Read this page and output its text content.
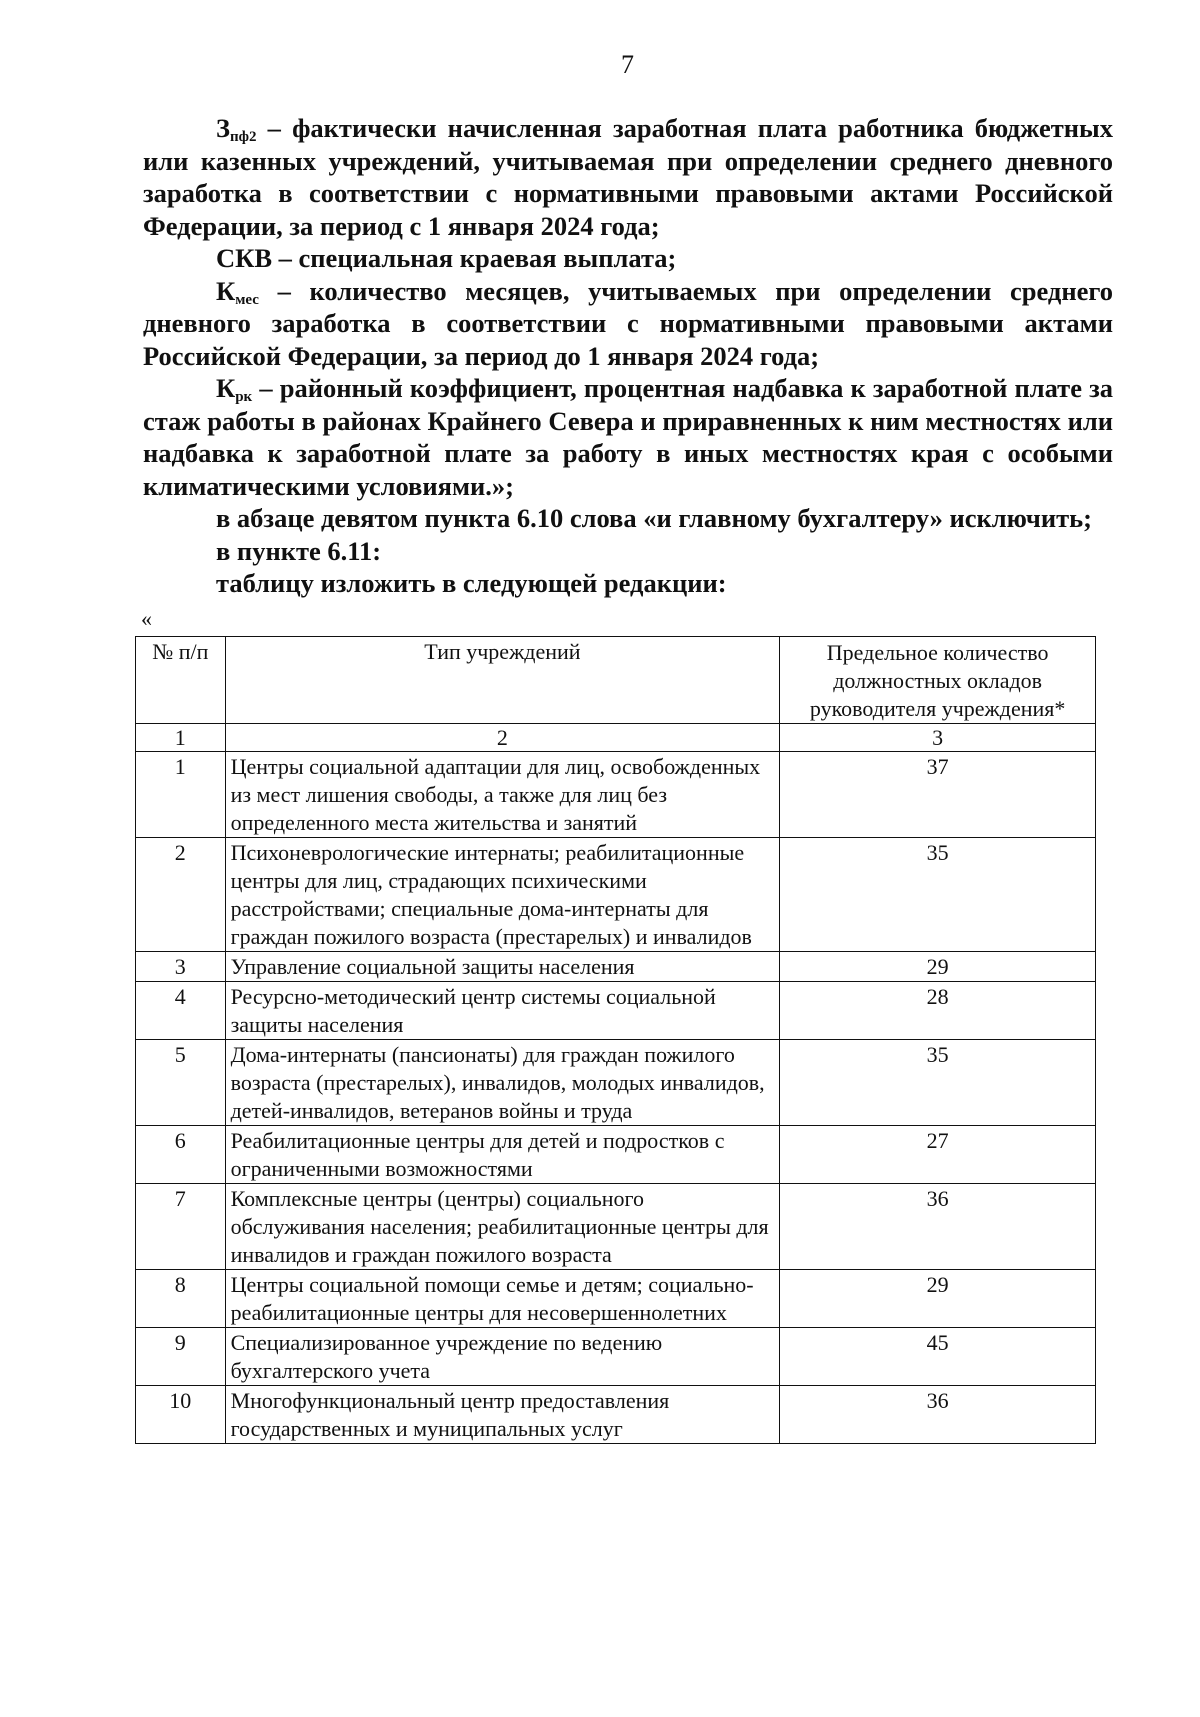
7

$З_{пф2}$ – фактически начисленная заработная плата работника бюджетных или казенных учреждений, учитываемая при определении среднего дневного заработка в соответствии с нормативными правовыми актами Российской Федерации, за период с 1 января 2024 года;

СКВ – специальная краевая выплата;

$К_{мес}$ – количество месяцев, учитываемых при определении среднего дневного заработка в соответствии с нормативными правовыми актами Российской Федерации, за период до 1 января 2024 года;

$К_{рк}$ – районный коэффициент, процентная надбавка к заработной плате за стаж работы в районах Крайнего Севера и приравненных к ним местностях или надбавка к заработной плате за работу в иных местностях края с особыми климатическими условиями.»;

в абзаце девятом пункта 6.10 слова «и главному бухгалтеру» исключить;

в пункте 6.11:

таблицу изложить в следующей редакции:

«
№ п/п	Тип учреждений	Предельное количество должностных окладов руководителя учреждения*
1	2	3
1	Центры социальной адаптации для лиц, освобожденных из мест лишения свободы, а также для лиц без определенного места жительства и занятий	37
2	Психоневрологические интернаты; реабилитационные центры для лиц, страдающих психическими расстройствами; специальные дома-интернаты для граждан пожилого возраста (престарелых) и инвалидов	35
3	Управление социальной защиты населения	29
4	Ресурсно-методический центр системы социальной защиты населения	28
5	Дома-интернаты (пансионаты) для граждан пожилого возраста (престарелых), инвалидов, молодых инвалидов, детей-инвалидов, ветеранов войны и труда	35
6	Реабилитационные центры для детей и подростков с ограниченными возможностями	27
7	Комплексные центры (центры) социального обслуживания населения; реабилитационные центры для инвалидов и граждан пожилого возраста	36
8	Центры социальной помощи семье и детям; социально-реабилитационные центры для несовершеннолетних	29
9	Специализированное учреждение по ведению бухгалтерского учета	45
10	Многофункциональный центр предоставления государственных и муниципальных услуг	36
